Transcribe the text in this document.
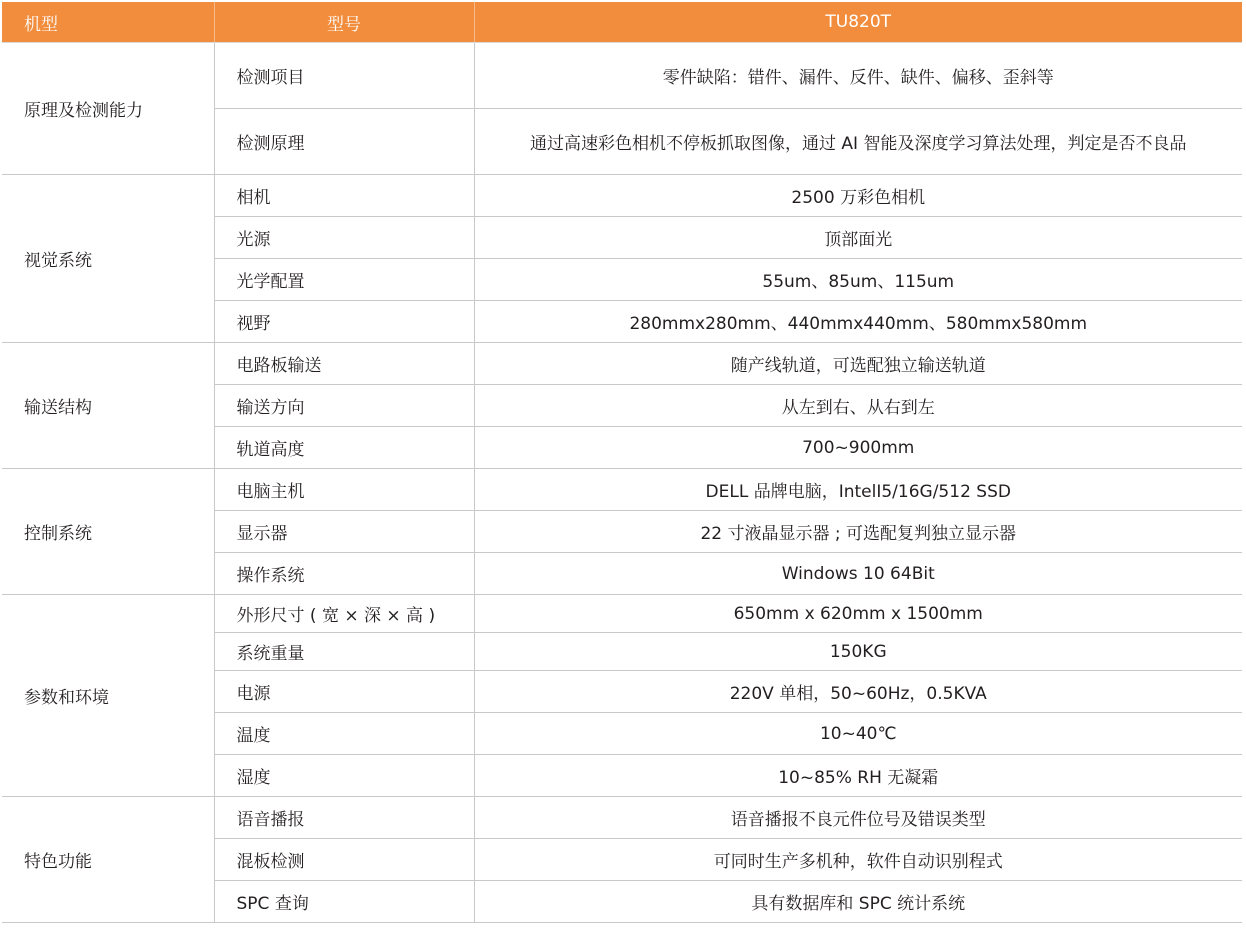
机型	型号	TU820T
原理及检测能力	检测项目	零件缺陷：错件、漏件、反件、缺件、偏移、歪斜等
	检测原理	通过高速彩色相机不停板抓取图像，通过 AI 智能及深度学习算法处理，判定是否不良品
视觉系统	相机	2500 万彩色相机
	光源	顶部面光
	光学配置	55um、85um、115um
	视野	280mmx280mm、440mmx440mm、580mmx580mm
输送结构	电路板输送	随产线轨道，可选配独立输送轨道
	输送方向	从左到右、从右到左
	轨道高度	700~900mm
控制系统	电脑主机	DELL 品牌电脑，IntelI5/16G/512 SSD
	显示器	22 寸液晶显示器 ; 可选配复判独立显示器
	操作系统	Windows 10 64Bit
参数和环境	外形尺寸 ( 宽 × 深 × 高 )	650mm x 620mm x 1500mm
	系统重量	150KG
	电源	220V 单相，50~60Hz，0.5KVA
	温度	10~40℃
	湿度	10~85% RH 无凝霜
特色功能	语音播报	语音播报不良元件位号及错误类型
	混板检测	可同时生产多机种，软件自动识别程式
	SPC 查询	具有数据库和 SPC 统计系统
